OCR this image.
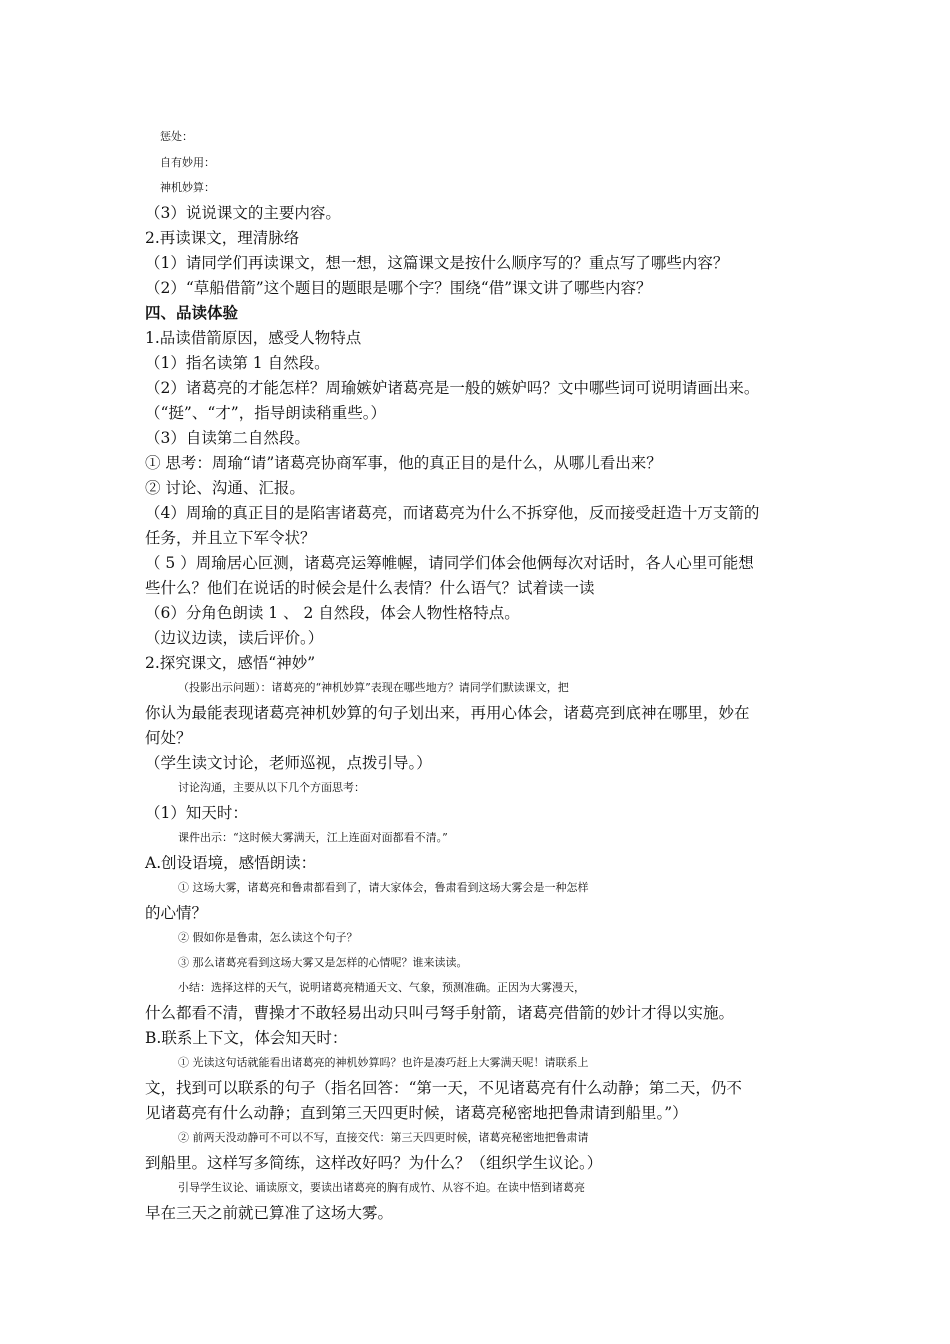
惩处：
自有妙用：
神机妙算：
（3）说说课文的主要内容。
2.再读课文，理清脉络
（1）请同学们再读课文，想一想，这篇课文是按什么顺序写的？重点写了哪些内容？
（2）“草船借箭”这个题目的题眼是哪个字？围绕“借”课文讲了哪些内容？
四、品读体验
1.品读借箭原因，感受人物特点
（1）指名读第 1 自然段。
（2）诸葛亮的才能怎样？周瑜嫉妒诸葛亮是一般的嫉妒吗？文中哪些词可说明请画出来。
（“挺”、“才”，指导朗读稍重些。）
（3）自读第二自然段。
① 思考：周瑜“请”诸葛亮协商军事，他的真正目的是什么，从哪儿看出来？
② 讨论、沟通、汇报。
（4）周瑜的真正目的是陷害诸葛亮，而诸葛亮为什么不拆穿他，反而接受赶造十万支箭的
任务，并且立下军令状？
（ 5 ）周瑜居心叵测，诸葛亮运筹帷幄，请同学们体会他俩每次对话时，各人心里可能想
些什么？他们在说话的时候会是什么表情？什么语气？试着读一读
（6）分角色朗读 1 、 2 自然段，体会人物性格特点。
（边议边读，读后评价。）
2.探究课文，感悟“神妙”
（投影出示问题）：诸葛亮的“神机妙算”表现在哪些地方？请同学们默读课文，把
你认为最能表现诸葛亮神机妙算的句子划出来，再用心体会，诸葛亮到底神在哪里，妙在
何处？
（学生读文讨论，老师巡视，点拨引导。）
讨论沟通，主要从以下几个方面思考：
（1）知天时：
课件出示：“这时候大雾满天，江上连面对面都看不清。”
A.创设语境，感悟朗读：
① 这场大雾，诸葛亮和鲁肃都看到了，请大家体会，鲁肃看到这场大雾会是一种怎样
的心情？
② 假如你是鲁肃，怎么读这个句子？
③ 那么诸葛亮看到这场大雾又是怎样的心情呢？谁来读读。
小结：选择这样的天气，说明诸葛亮精通天文、气象，预测准确。正因为大雾漫天，
什么都看不清，曹操才不敢轻易出动只叫弓弩手射箭，诸葛亮借箭的妙计才得以实施。
B.联系上下文，体会知天时：
① 光读这句话就能看出诸葛亮的神机妙算吗？也许是凑巧赶上大雾满天呢！请联系上
文，找到可以联系的句子（指名回答：“第一天，不见诸葛亮有什么动静；第二天，仍不
见诸葛亮有什么动静；直到第三天四更时候，诸葛亮秘密地把鲁肃请到船里。”）
② 前两天没动静可不可以不写，直接交代：第三天四更时候，诸葛亮秘密地把鲁肃请
到船里。这样写多简练，这样改好吗？为什么？（组织学生议论。）
引导学生议论、诵读原文，要读出诸葛亮的胸有成竹、从容不迫。在读中悟到诸葛亮
早在三天之前就已算准了这场大雾。
